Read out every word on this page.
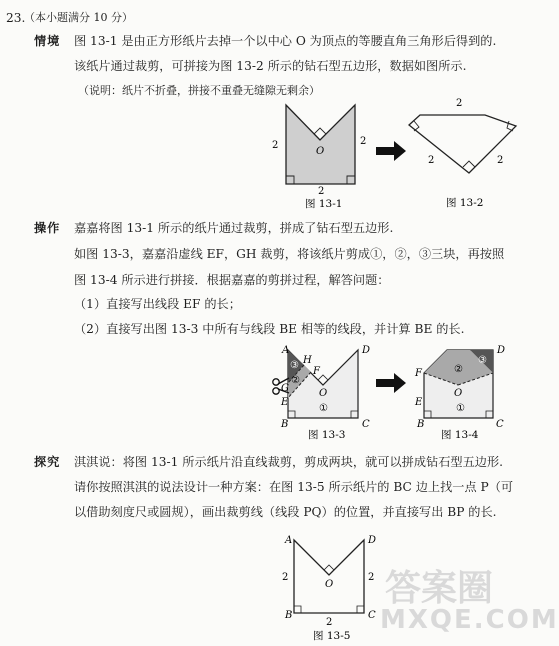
23.
（本小题满分 10 分）
情境 图 13-1 是由正方形纸片去掉一个以中心 O 为顶点的等腰直角三角形后得到的.
该纸片通过裁剪，可拼接为图 13-2 所示的钻石型五边形，数据如图所示.
（说明：纸片不折叠，拼接不重叠无缝隙无剩余）
操作 嘉嘉将图 13-1 所示的纸片通过裁剪，拼成了钻石型五边形.
如图 13-3，嘉嘉沿虚线 EF，GH 裁剪，将该纸片剪成①，②，③三块，再按照
图 13-4 所示进行拼接．根据嘉嘉的剪拼过程，解答问题：
（1）直接写出线段 EF 的长；
（2）直接写出图 13-3 中所有与线段 BE 相等的线段，并计算 BE 的长.
探究 淇淇说：将图 13-1 所示纸片沿直线裁剪，剪成两块，就可以拼成钻石型五边形.
请你按照淇淇的说法设计一种方案：在图 13-5 所示纸片的 BC 边上找一点 P（可
以借助刻度尺或圆规），画出裁剪线（线段 PQ）的位置，并直接写出 BP 的长.
2	2
2
O
图 13-1
2
2	2
图 13-2
A
H
F
G
E
B	C
D
O
③
②
①
图 13-3
F
E
B	C
D
O
③
②
①
图 13-4
A	D
B	C
O
2	2
2
图 13-5
答案圈
MXQE.COM
